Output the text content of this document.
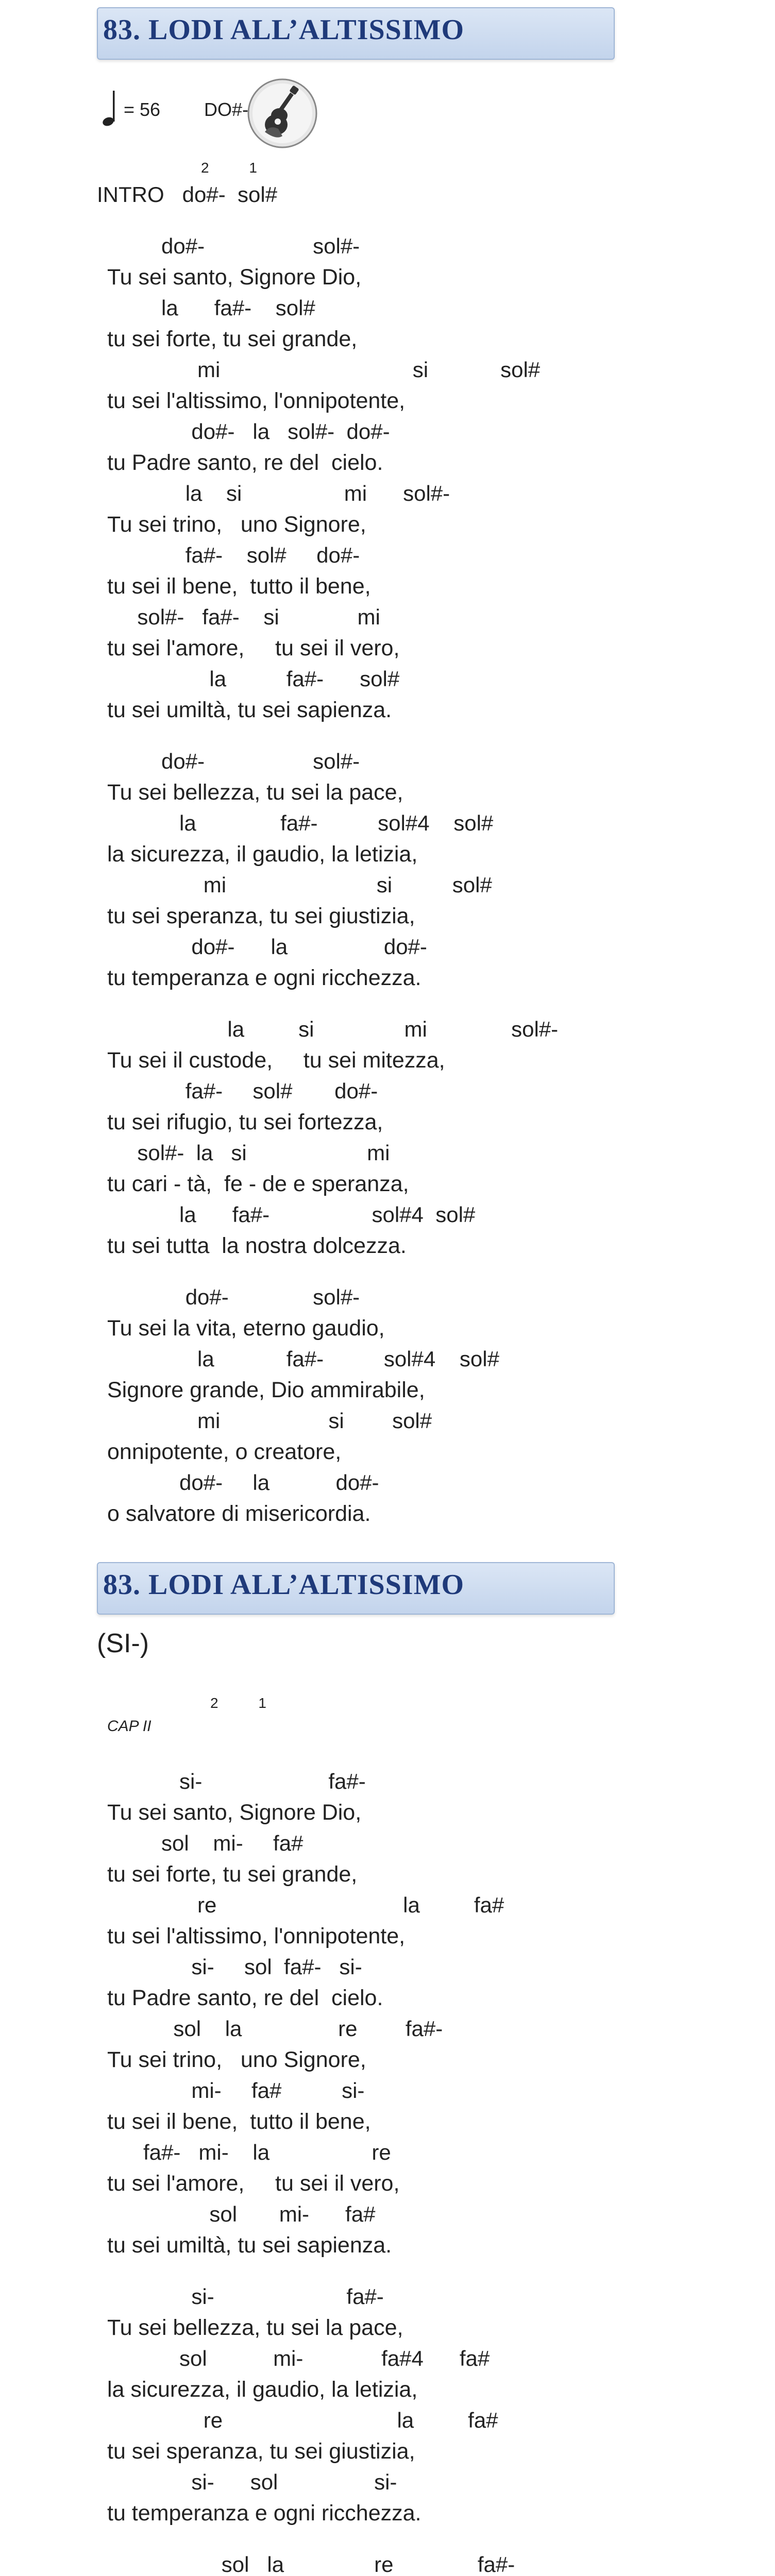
83. LODI ALL’ALTISSIMO
= 56 DO#-
83. LODI ALL’ALTISSIMO
(SI-)
2          1
INTRO   do#-  sol#
do#-                  sol#-
Tu sei santo, Signore Dio,
la      fa#-    sol#
tu sei forte, tu sei grande,
mi                                si            sol#
tu sei l'altissimo, l'onnipotente,
do#-   la   sol#-  do#-
tu Padre santo, re del  cielo.
la    si                 mi      sol#-
Tu sei trino,   uno Signore,
fa#-    sol#     do#-
tu sei il bene,  tutto il bene,
sol#-   fa#-    si             mi
tu sei l'amore,     tu sei il vero,
la          fa#-      sol#
tu sei umiltà, tu sei sapienza.
do#-                  sol#-
Tu sei bellezza, tu sei la pace,
la              fa#-          sol#4    sol#
la sicurezza, il gaudio, la letizia,
mi                         si          sol#
tu sei speranza, tu sei giustizia,
do#-      la                do#-
tu temperanza e ogni ricchezza.
la         si               mi              sol#-
Tu sei il custode,     tu sei mitezza,
fa#-     sol#       do#-
tu sei rifugio, tu sei fortezza,
sol#-  la   si                    mi
tu cari - tà,  fe - de e speranza,
la      fa#-                 sol#4  sol#
tu sei tutta  la nostra dolcezza.
do#-              sol#-
Tu sei la vita, eterno gaudio,
la            fa#-          sol#4    sol#
Signore grande, Dio ammirabile,
mi                  si        sol#
onnipotente, o creatore,
do#-     la           do#-
o salvatore di misericordia.
2          1
CAP II
si-                     fa#-
Tu sei santo, Signore Dio,
sol    mi-     fa#
tu sei forte, tu sei grande,
re                               la         fa#
tu sei l'altissimo, l'onnipotente,
si-     sol  fa#-   si-
tu Padre santo, re del  cielo.
sol    la                re        fa#-
Tu sei trino,   uno Signore,
mi-     fa#          si-
tu sei il bene,  tutto il bene,
fa#-   mi-    la                 re
tu sei l'amore,     tu sei il vero,
sol       mi-      fa#
tu sei umiltà, tu sei sapienza.
si-                      fa#-
Tu sei bellezza, tu sei la pace,
sol           mi-             fa#4      fa#
la sicurezza, il gaudio, la letizia,
re                             la         fa#
tu sei speranza, tu sei giustizia,
si-      sol                si-
tu temperanza e ogni ricchezza.
sol   la               re              fa#-
